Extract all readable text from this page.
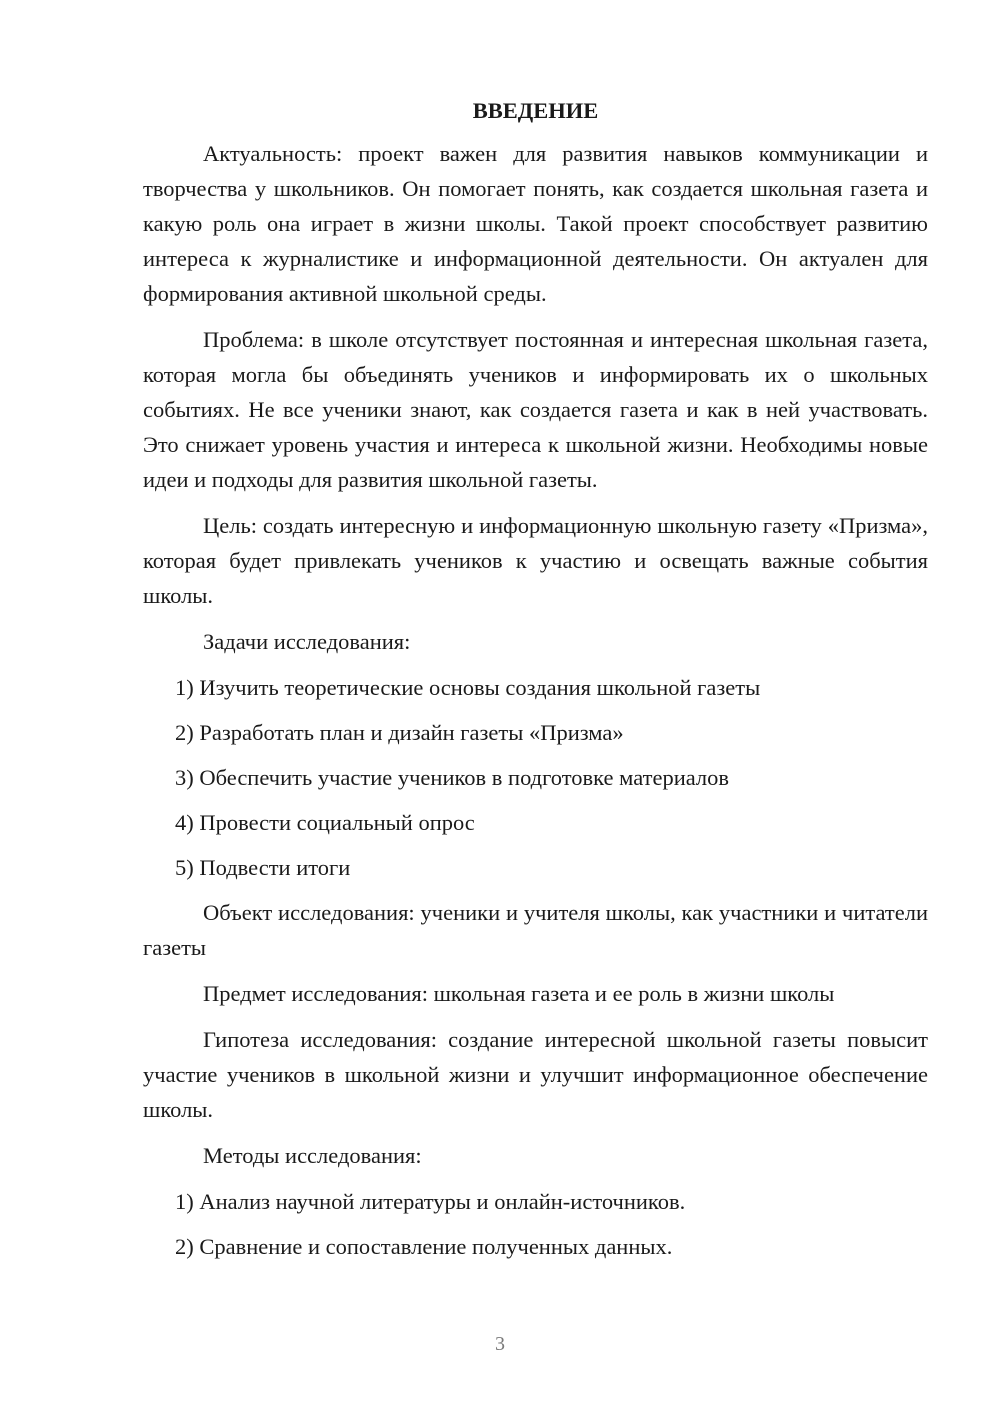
ВВЕДЕНИЕ
Актуальность: проект важен для развития навыков коммуникации и творчества у школьников. Он помогает понять, как создается школьная газета и какую роль она играет в жизни школы. Такой проект способствует развитию интереса к журналистике и информационной деятельности. Он актуален для формирования активной школьной среды.
Проблема: в школе отсутствует постоянная и интересная школьная газета, которая могла бы объединять учеников и информировать их о школьных событиях. Не все ученики знают, как создается газета и как в ней участвовать. Это снижает уровень участия и интереса к школьной жизни. Необходимы новые идеи и подходы для развития школьной газеты.
Цель: создать интересную и информационную школьную газету «Призма», которая будет привлекать учеников к участию и освещать важные события школы.
Задачи исследования:
1) Изучить теоретические основы создания школьной газеты
2) Разработать план и дизайн газеты «Призма»
3) Обеспечить участие учеников в подготовке материалов
4) Провести социальный опрос
5) Подвести итоги
Объект исследования: ученики и учителя школы, как участники и читатели газеты
Предмет исследования: школьная газета и ее роль в жизни школы
Гипотеза исследования: создание интересной школьной газеты повысит участие учеников в школьной жизни и улучшит информационное обеспечение школы.
Методы исследования:
1) Анализ научной литературы и онлайн-источников.
2) Сравнение и сопоставление полученных данных.
3
